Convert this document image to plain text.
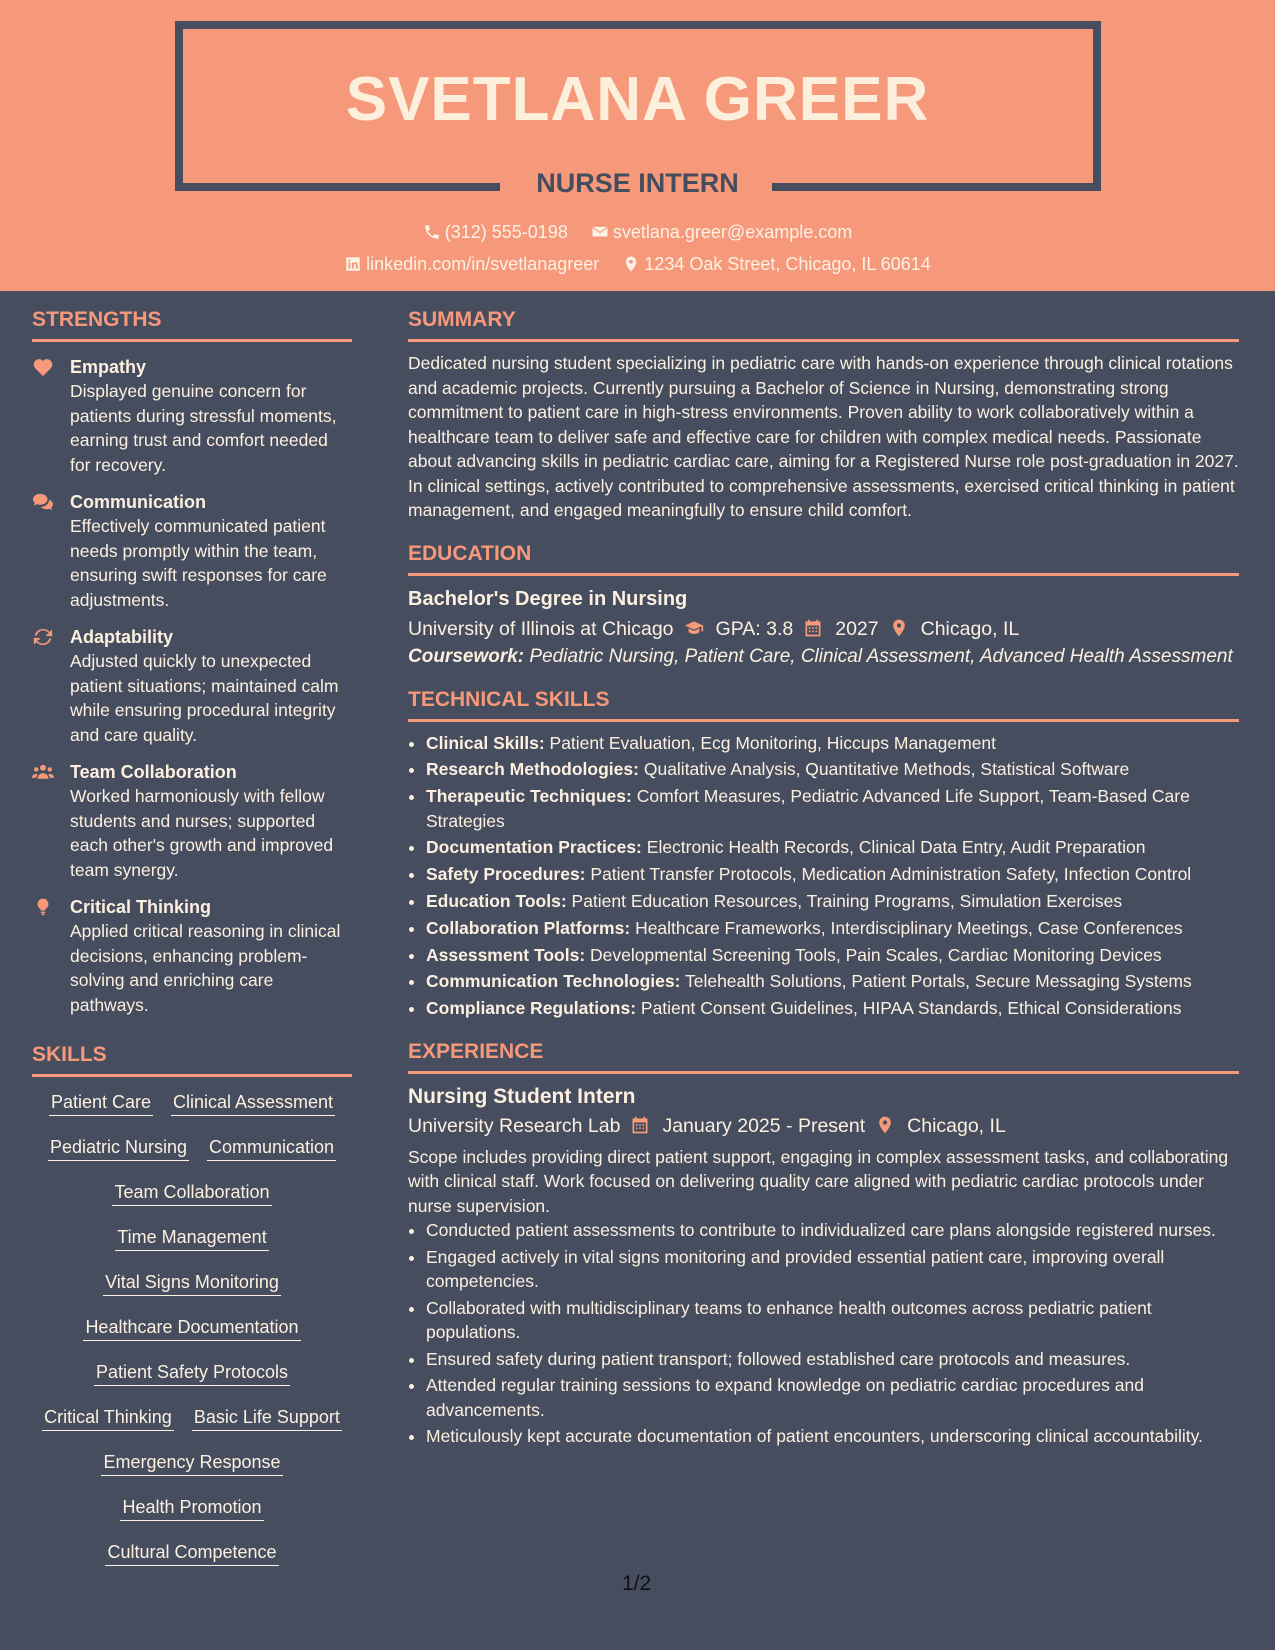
SVETLANA GREER
NURSE INTERN
(312) 555-0198
	svetlana.greer@example.com
linkedin.com/in/svetlanagreer
	1234 Oak Street, Chicago, IL 60614
STRENGTHS
Empathy
Displayed genuine concern for patients during stressful moments, earning trust and comfort needed for recovery.
Communication
Effectively communicated patient needs promptly within the team, ensuring swift responses for care adjustments.
Adaptability
Adjusted quickly to unexpected patient situations; maintained calm while ensuring procedural integrity and care quality.
Team Collaboration
Worked harmoniously with fellow students and nurses; supported each other's growth and improved team synergy.
Critical Thinking
Applied critical reasoning in clinical decisions, enhancing problem-solving and enriching care pathways.
SKILLS
Patient Care Clinical Assessment
Pediatric Nursing Communication
Team Collaboration
Time Management
Vital Signs Monitoring
Healthcare Documentation
Patient Safety Protocols
Critical Thinking Basic Life Support
Emergency Response
Health Promotion
Cultural Competence
SUMMARY
Dedicated nursing student specializing in pediatric care with hands-on experience through clinical rotations and academic projects. Currently pursuing a Bachelor of Science in Nursing, demonstrating strong commitment to patient care in high-stress environments. Proven ability to work collaboratively within a healthcare team to deliver safe and effective care for children with complex medical needs. Passionate about advancing skills in pediatric cardiac care, aiming for a Registered Nurse role post-graduation in 2027. In clinical settings, actively contributed to comprehensive assessments, exercised critical thinking in patient management, and engaged meaningfully to ensure child comfort.
EDUCATION
Bachelor's Degree in Nursing
University of Illinois at Chicago GPA: 3.8 2027 Chicago, IL
Coursework: Pediatric Nursing, Patient Care, Clinical Assessment, Advanced Health Assessment
TECHNICAL SKILLS
• Clinical Skills: Patient Evaluation, Ecg Monitoring, Hiccups Management
• Research Methodologies: Qualitative Analysis, Quantitative Methods, Statistical Software
• Therapeutic Techniques: Comfort Measures, Pediatric Advanced Life Support, Team-Based Care Strategies
• Documentation Practices: Electronic Health Records, Clinical Data Entry, Audit Preparation
• Safety Procedures: Patient Transfer Protocols, Medication Administration Safety, Infection Control
• Education Tools: Patient Education Resources, Training Programs, Simulation Exercises
• Collaboration Platforms: Healthcare Frameworks, Interdisciplinary Meetings, Case Conferences
• Assessment Tools: Developmental Screening Tools, Pain Scales, Cardiac Monitoring Devices
• Communication Technologies: Telehealth Solutions, Patient Portals, Secure Messaging Systems
• Compliance Regulations: Patient Consent Guidelines, HIPAA Standards, Ethical Considerations
EXPERIENCE
Nursing Student Intern
University Research Lab January 2025 - Present Chicago, IL
Scope includes providing direct patient support, engaging in complex assessment tasks, and collaborating with clinical staff. Work focused on delivering quality care aligned with pediatric cardiac protocols under nurse supervision.
• Conducted patient assessments to contribute to individualized care plans alongside registered nurses.
• Engaged actively in vital signs monitoring and provided essential patient care, improving overall competencies.
• Collaborated with multidisciplinary teams to enhance health outcomes across pediatric patient populations.
• Ensured safety during patient transport; followed established care protocols and measures.
• Attended regular training sessions to expand knowledge on pediatric cardiac procedures and advancements.
• Meticulously kept accurate documentation of patient encounters, underscoring clinical accountability.
1/2
